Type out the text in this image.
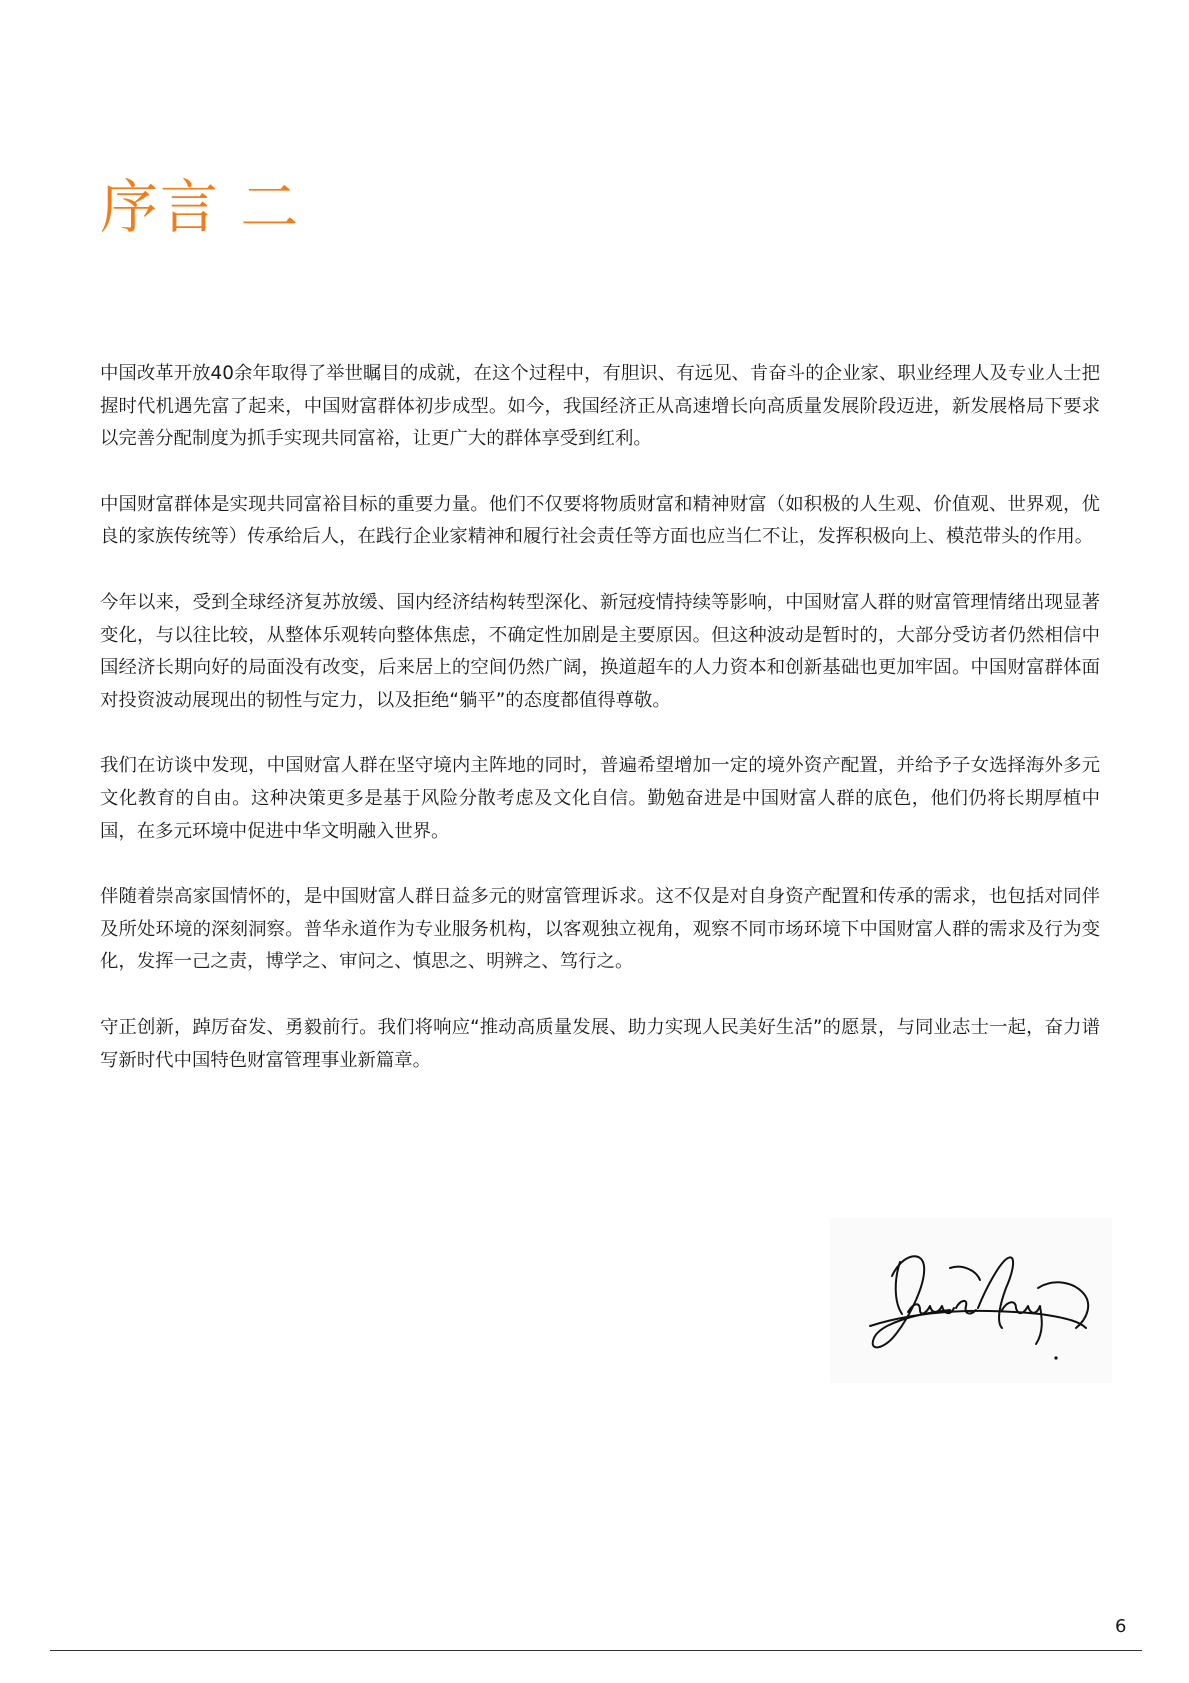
序言 二

中国改革开放40余年取得了举世瞩目的成就，在这个过程中，有胆识、有远见、肯奋斗的企业家、职业经理人及专业人士把握时代机遇先富了起来，中国财富群体初步成型。如今，我国经济正从高速增长向高质量发展阶段迈进，新发展格局下要求以完善分配制度为抓手实现共同富裕，让更广大的群体享受到红利。

中国财富群体是实现共同富裕目标的重要力量。他们不仅要将物质财富和精神财富（如积极的人生观、价值观、世界观，优良的家族传统等）传承给后人，在践行企业家精神和履行社会责任等方面也应当仁不让，发挥积极向上、模范带头的作用。

今年以来，受到全球经济复苏放缓、国内经济结构转型深化、新冠疫情持续等影响，中国财富人群的财富管理情绪出现显著变化，与以往比较，从整体乐观转向整体焦虑，不确定性加剧是主要原因。但这种波动是暂时的，大部分受访者仍然相信中国经济长期向好的局面没有改变，后来居上的空间仍然广阔，换道超车的人力资本和创新基础也更加牢固。中国财富群体面对投资波动展现出的韧性与定力，以及拒绝“躺平”的态度都值得尊敬。

我们在访谈中发现，中国财富人群在坚守境内主阵地的同时，普遍希望增加一定的境外资产配置，并给予子女选择海外多元文化教育的自由。这种决策更多是基于风险分散考虑及文化自信。勤勉奋进是中国财富人群的底色，他们仍将长期厚植中国，在多元环境中促进中华文明融入世界。

伴随着崇高家国情怀的，是中国财富人群日益多元的财富管理诉求。这不仅是对自身资产配置和传承的需求，也包括对同伴及所处环境的深刻洞察。普华永道作为专业服务机构，以客观独立视角，观察不同市场环境下中国财富人群的需求及行为变化，发挥一己之责，博学之、审问之、慎思之、明辨之、笃行之。

守正创新，踔厉奋发、勇毅前行。我们将响应“推动高质量发展、助力实现人民美好生活”的愿景，与同业志士一起，奋力谱写新时代中国特色财富管理事业新篇章。

6
